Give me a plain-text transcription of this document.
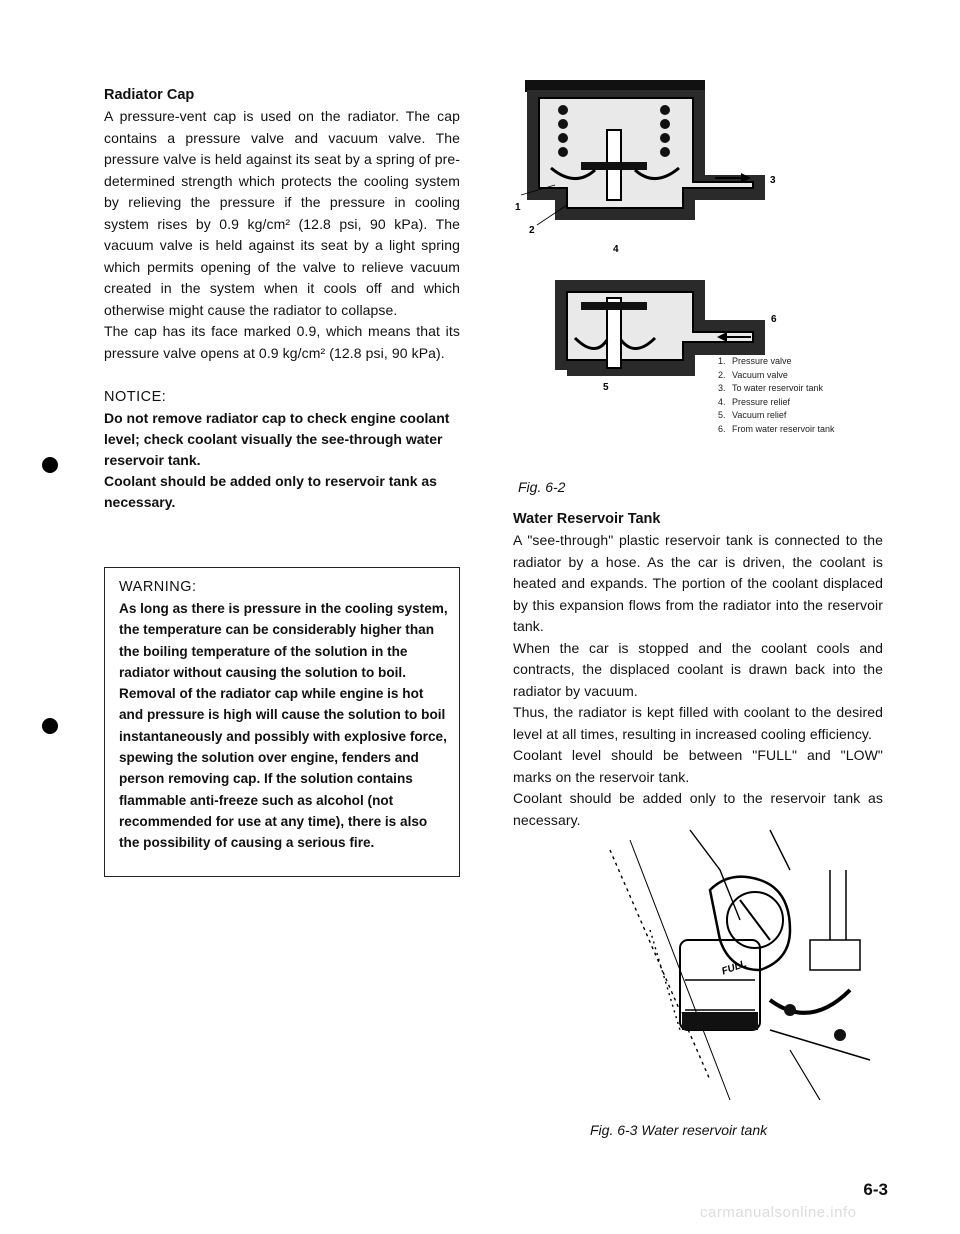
Radiator Cap

A pressure-vent cap is used on the radiator. The cap contains a pressure valve and vacuum valve. The pressure valve is held against its seat by a spring of pre-determined strength which protects the cooling system by relieving the pressure if the pressure in cooling system rises by 0.9 kg/cm² (12.8 psi, 90 kPa). The vacuum valve is held against its seat by a light spring which permits opening of the valve to relieve vacuum created in the system when it cools off and which otherwise might cause the radiator to collapse.

The cap has its face marked 0.9, which means that its pressure valve opens at 0.9 kg/cm² (12.8 psi, 90 kPa).

NOTICE:

Do not remove radiator cap to check engine coolant level; check coolant visually the see-through water reservoir tank.

Coolant should be added only to reservoir tank as necessary.

WARNING:

As long as there is pressure in the cooling system, the temperature can be considerably higher than the boiling temperature of the solution in the radiator without causing the solution to boil. Removal of the radiator cap while engine is hot and pressure is high will cause the solution to boil instantaneously and possibly with explosive force, spewing the solution over engine, fenders and person removing cap. If the solution contains flammable anti-freeze such as alcohol (not recommended for use at any time), there is also the possibility of causing a serious fire.

1
2
3
4
5
6
1. Pressure valve
2. Vacuum valve
3. To water reservoir tank
4. Pressure relief
5. Vacuum relief
6. From water reservoir tank
Fig. 6-2
Water Reservoir Tank

A "see-through" plastic reservoir tank is connected to the radiator by a hose. As the car is driven, the coolant is heated and expands. The portion of the coolant displaced by this expansion flows from the radiator into the reservoir tank.

When the car is stopped and the coolant cools and contracts, the displaced coolant is drawn back into the radiator by vacuum.

Thus, the radiator is kept filled with coolant to the desired level at all times, resulting in increased cooling efficiency.

Coolant level should be between "FULL" and "LOW" marks on the reservoir tank.

Coolant should be added only to the reservoir tank as necessary.

FULL
Fig. 6-3 Water reservoir tank
6-3
carmanualsonline.info
